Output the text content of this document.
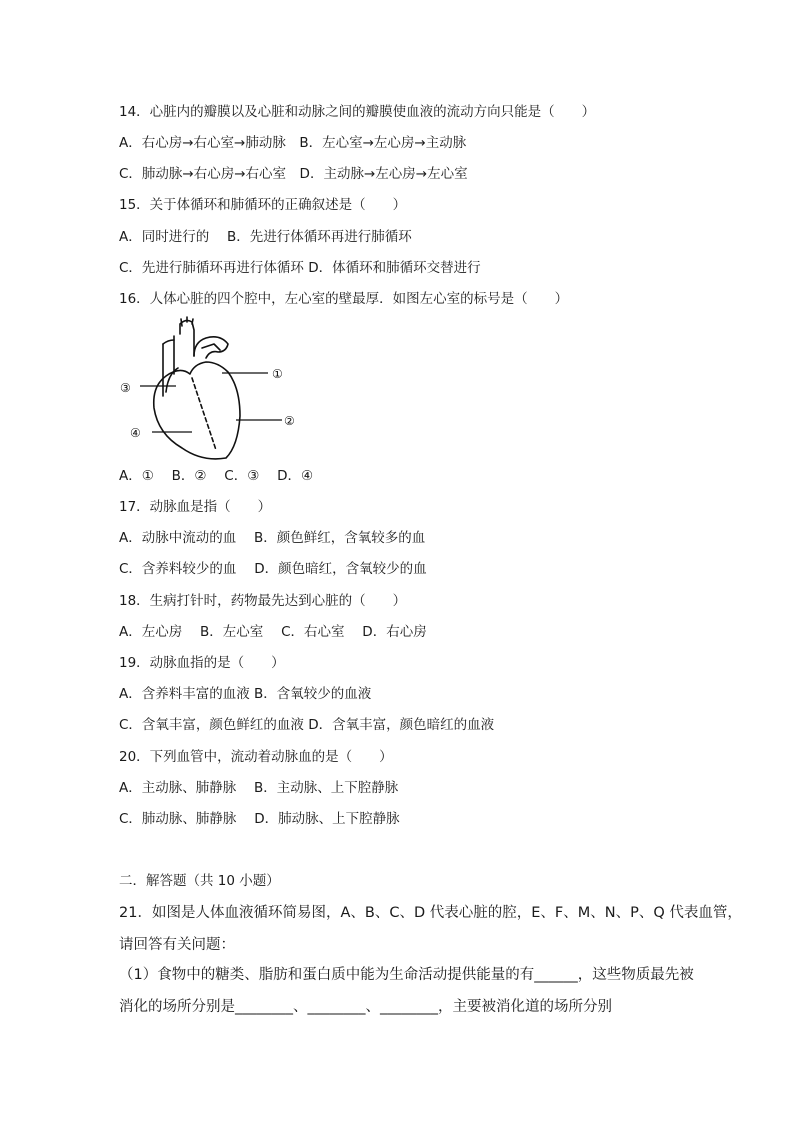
14．心脏内的瓣膜以及心脏和动脉之间的瓣膜使血液的流动方向只能是（　　）
A．右心房→右心室→肺动脉　B．左心室→左心房→主动脉
C．肺动脉→右心房→右心室　D．主动脉→左心房→左心室
15．关于体循环和肺循环的正确叙述是（　　）
A．同时进行的　 B．先进行体循环再进行肺循环
C．先进行肺循环再进行体循环 D．体循环和肺循环交替进行
16．人体心脏的四个腔中，左心室的壁最厚．如图左心室的标号是（　　）
①
②
③
④
A．①　 B．②　 C．③　 D．④
17．动脉血是指（　　）
A．动脉中流动的血　 B．颜色鲜红，含氧较多的血
C．含养料较少的血　 D．颜色暗红，含氧较少的血
18．生病打针时，药物最先达到心脏的（　　）
A．左心房　 B．左心室　 C．右心室　 D．右心房
19．动脉血指的是（　　）
A．含养料丰富的血液 B．含氧较少的血液
C．含氧丰富，颜色鲜红的血液 D．含氧丰富，颜色暗红的血液
20．下列血管中，流动着动脉血的是（　　）
A．主动脉、肺静脉　 B．主动脉、上下腔静脉
C．肺动脉、肺静脉　 D．肺动脉、上下腔静脉
二．解答题（共 10 小题）
21．如图是人体血液循环简易图，A、B、C、D 代表心脏的腔，E、F、M、N、P、Q 代表血管，
请回答有关问题：
（1）食物中的糖类、脂肪和蛋白质中能为生命活动提供能量的有______，这些物质最先被
消化的场所分别是________、________、________，主要被消化道的场所分别
